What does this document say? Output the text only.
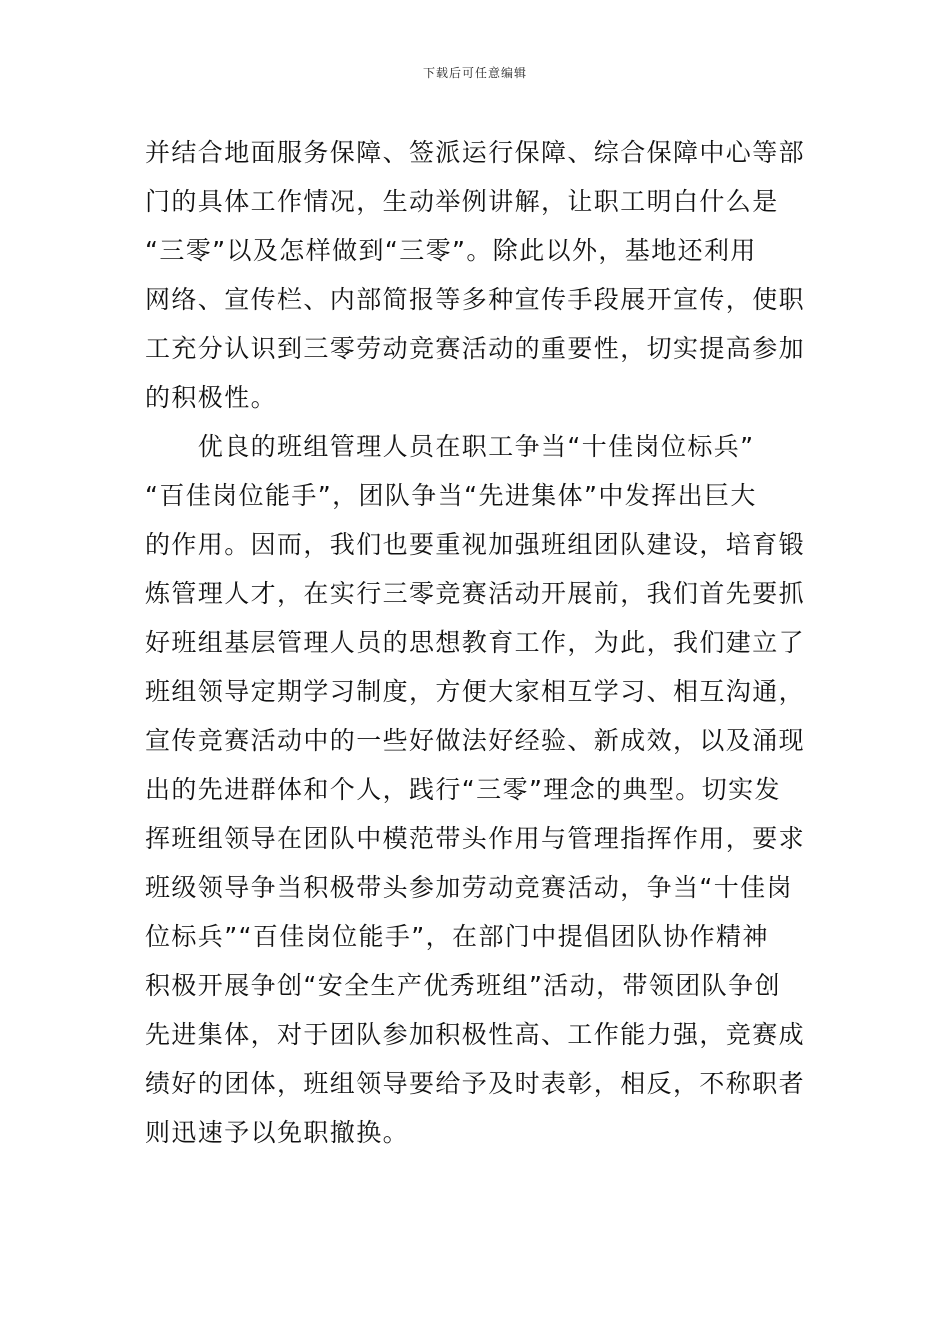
下载后可任意编辑
并结合地面服务保障、签派运行保障、综合保障中心等部
门的具体工作情况，生动举例讲解，让职工明白什么是
“三零”以及怎样做到“三零”。除此以外，基地还利用
网络、宣传栏、内部简报等多种宣传手段展开宣传，使职
工充分认识到三零劳动竞赛活动的重要性，切实提高参加
的积极性。
　　优良的班组管理人员在职工争当“十佳岗位标兵”
“百佳岗位能手”，团队争当“先进集体”中发挥出巨大
的作用。因而，我们也要重视加强班组团队建设，培育锻
炼管理人才，在实行三零竞赛活动开展前，我们首先要抓
好班组基层管理人员的思想教育工作，为此，我们建立了
班组领导定期学习制度，方便大家相互学习、相互沟通，
宣传竞赛活动中的一些好做法好经验、新成效，以及涌现
出的先进群体和个人，践行“三零”理念的典型。切实发
挥班组领导在团队中模范带头作用与管理指挥作用，要求
班级领导争当积极带头参加劳动竞赛活动，争当“十佳岗
位标兵”“百佳岗位能手”，在部门中提倡团队协作精神
积极开展争创“安全生产优秀班组”活动，带领团队争创
先进集体，对于团队参加积极性高、工作能力强，竞赛成
绩好的团体，班组领导要给予及时表彰，相反，不称职者
则迅速予以免职撤换。
